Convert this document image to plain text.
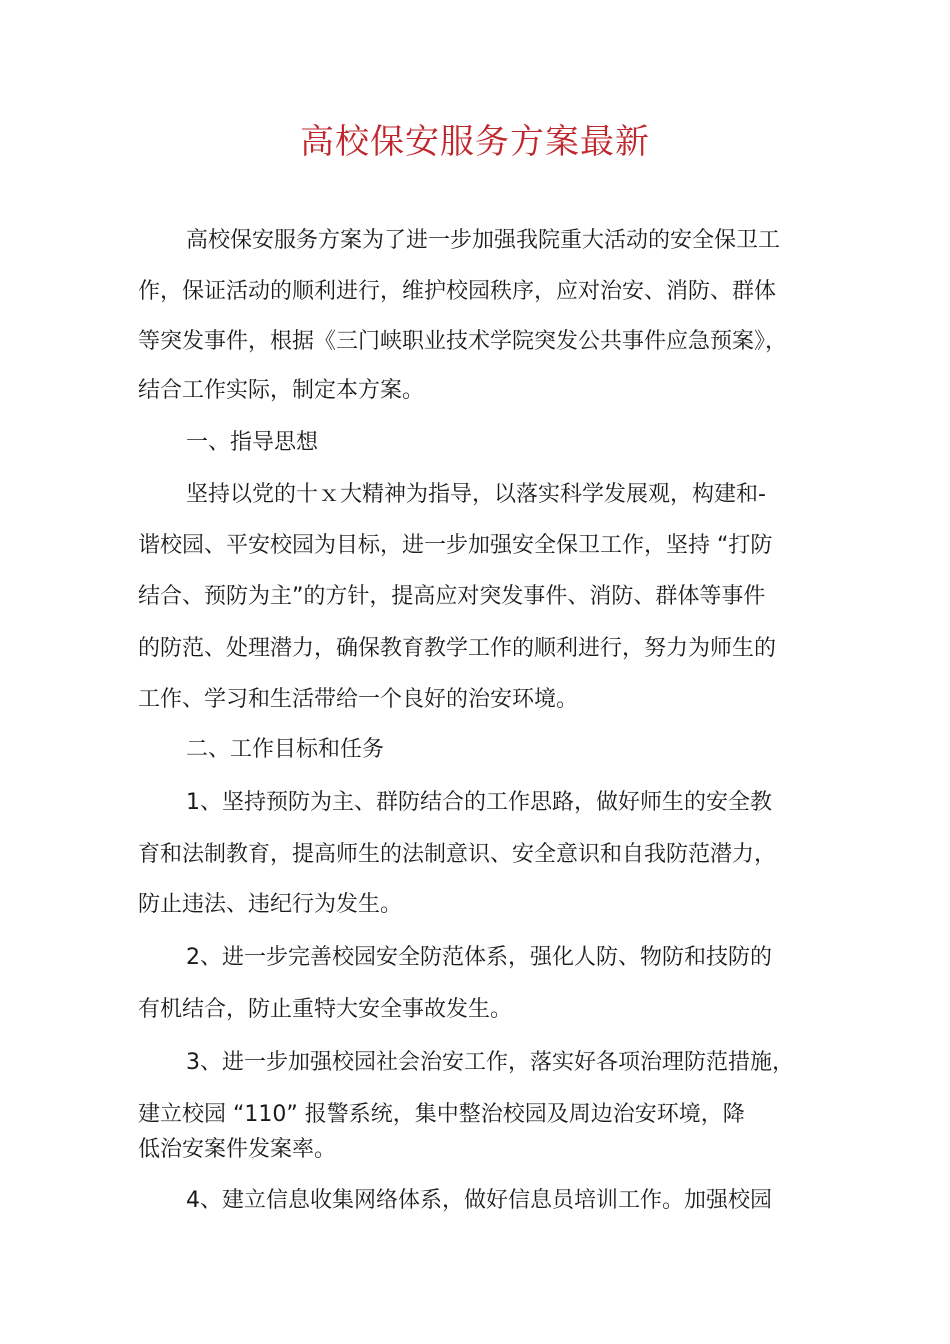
高校保安服务方案最新

高校保安服务方案为了进一步加强我院重大活动的安全保卫工

作，保证活动的顺利进行，维护校园秩序，应对治安、消防、群体

等突发事件，根据《三门峡职业技术学院突发公共事件应急预案》，

结合工作实际，制定本方案。

一、指导思想

坚持以党的十ｘ大精神为指导，以落实科学发展观，构建和-

谐校园、平安校园为目标，进一步加强安全保卫工作，坚持 “打防

结合、预防为主”的方针，提高应对突发事件、消防、群体等事件

的防范、处理潜力，确保教育教学工作的顺利进行，努力为师生的

工作、学习和生活带给一个良好的治安环境。

二、工作目标和任务

1、坚持预防为主、群防结合的工作思路，做好师生的安全教

育和法制教育，提高师生的法制意识、安全意识和自我防范潜力，

防止违法、违纪行为发生。

2、进一步完善校园安全防范体系，强化人防、物防和技防的

有机结合，防止重特大安全事故发生。

3、进一步加强校园社会治安工作，落实好各项治理防范措施，

建立校园 “110” 报警系统，集中整治校园及周边治安环境，降

低治安案件发案率。

4、建立信息收集网络体系，做好信息员培训工作。加强校园
